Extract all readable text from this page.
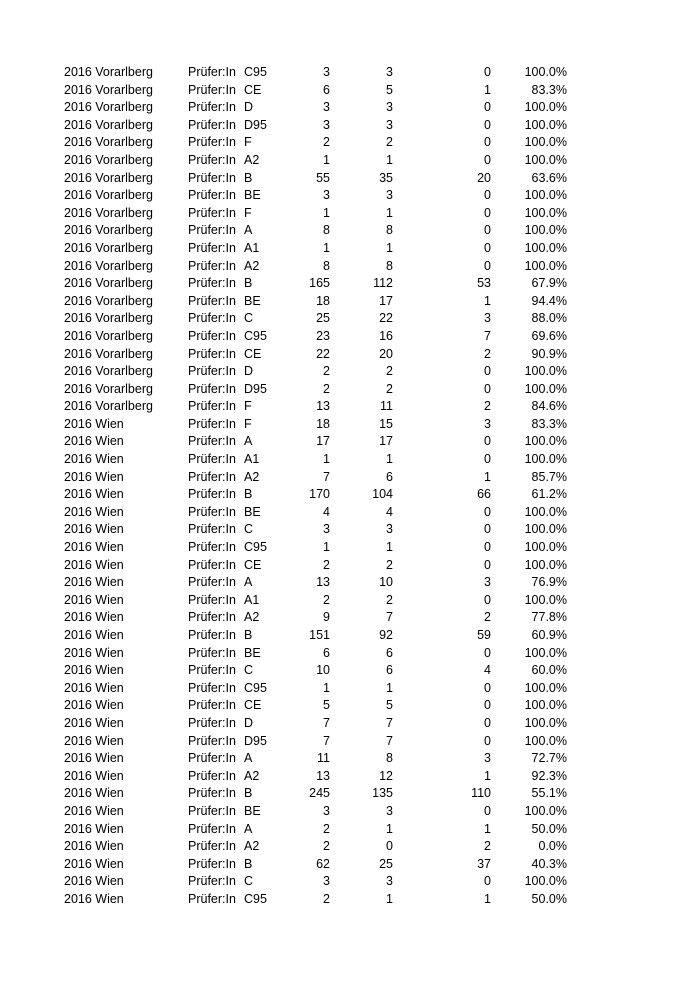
2016 Vorarlberg	Prüfer:In C95	3	3	0	100.0%
2016 Vorarlberg	Prüfer:In CE	6	5	1	83.3%
2016 Vorarlberg	Prüfer:In D	3	3	0	100.0%
2016 Vorarlberg	Prüfer:In D95	3	3	0	100.0%
2016 Vorarlberg	Prüfer:In F	2	2	0	100.0%
2016 Vorarlberg	Prüfer:In A2	1	1	0	100.0%
2016 Vorarlberg	Prüfer:In B	55	35	20	63.6%
2016 Vorarlberg	Prüfer:In BE	3	3	0	100.0%
2016 Vorarlberg	Prüfer:In F	1	1	0	100.0%
2016 Vorarlberg	Prüfer:In A	8	8	0	100.0%
2016 Vorarlberg	Prüfer:In A1	1	1	0	100.0%
2016 Vorarlberg	Prüfer:In A2	8	8	0	100.0%
2016 Vorarlberg	Prüfer:In B	165	112	53	67.9%
2016 Vorarlberg	Prüfer:In BE	18	17	1	94.4%
2016 Vorarlberg	Prüfer:In C	25	22	3	88.0%
2016 Vorarlberg	Prüfer:In C95	23	16	7	69.6%
2016 Vorarlberg	Prüfer:In CE	22	20	2	90.9%
2016 Vorarlberg	Prüfer:In D	2	2	0	100.0%
2016 Vorarlberg	Prüfer:In D95	2	2	0	100.0%
2016 Vorarlberg	Prüfer:In F	13	11	2	84.6%
2016 Wien	Prüfer:In F	18	15	3	83.3%
2016 Wien	Prüfer:In A	17	17	0	100.0%
2016 Wien	Prüfer:In A1	1	1	0	100.0%
2016 Wien	Prüfer:In A2	7	6	1	85.7%
2016 Wien	Prüfer:In B	170	104	66	61.2%
2016 Wien	Prüfer:In BE	4	4	0	100.0%
2016 Wien	Prüfer:In C	3	3	0	100.0%
2016 Wien	Prüfer:In C95	1	1	0	100.0%
2016 Wien	Prüfer:In CE	2	2	0	100.0%
2016 Wien	Prüfer:In A	13	10	3	76.9%
2016 Wien	Prüfer:In A1	2	2	0	100.0%
2016 Wien	Prüfer:In A2	9	7	2	77.8%
2016 Wien	Prüfer:In B	151	92	59	60.9%
2016 Wien	Prüfer:In BE	6	6	0	100.0%
2016 Wien	Prüfer:In C	10	6	4	60.0%
2016 Wien	Prüfer:In C95	1	1	0	100.0%
2016 Wien	Prüfer:In CE	5	5	0	100.0%
2016 Wien	Prüfer:In D	7	7	0	100.0%
2016 Wien	Prüfer:In D95	7	7	0	100.0%
2016 Wien	Prüfer:In A	11	8	3	72.7%
2016 Wien	Prüfer:In A2	13	12	1	92.3%
2016 Wien	Prüfer:In B	245	135	110	55.1%
2016 Wien	Prüfer:In BE	3	3	0	100.0%
2016 Wien	Prüfer:In A	2	1	1	50.0%
2016 Wien	Prüfer:In A2	2	0	2	0.0%
2016 Wien	Prüfer:In B	62	25	37	40.3%
2016 Wien	Prüfer:In C	3	3	0	100.0%
2016 Wien	Prüfer:In C95	2	1	1	50.0%
